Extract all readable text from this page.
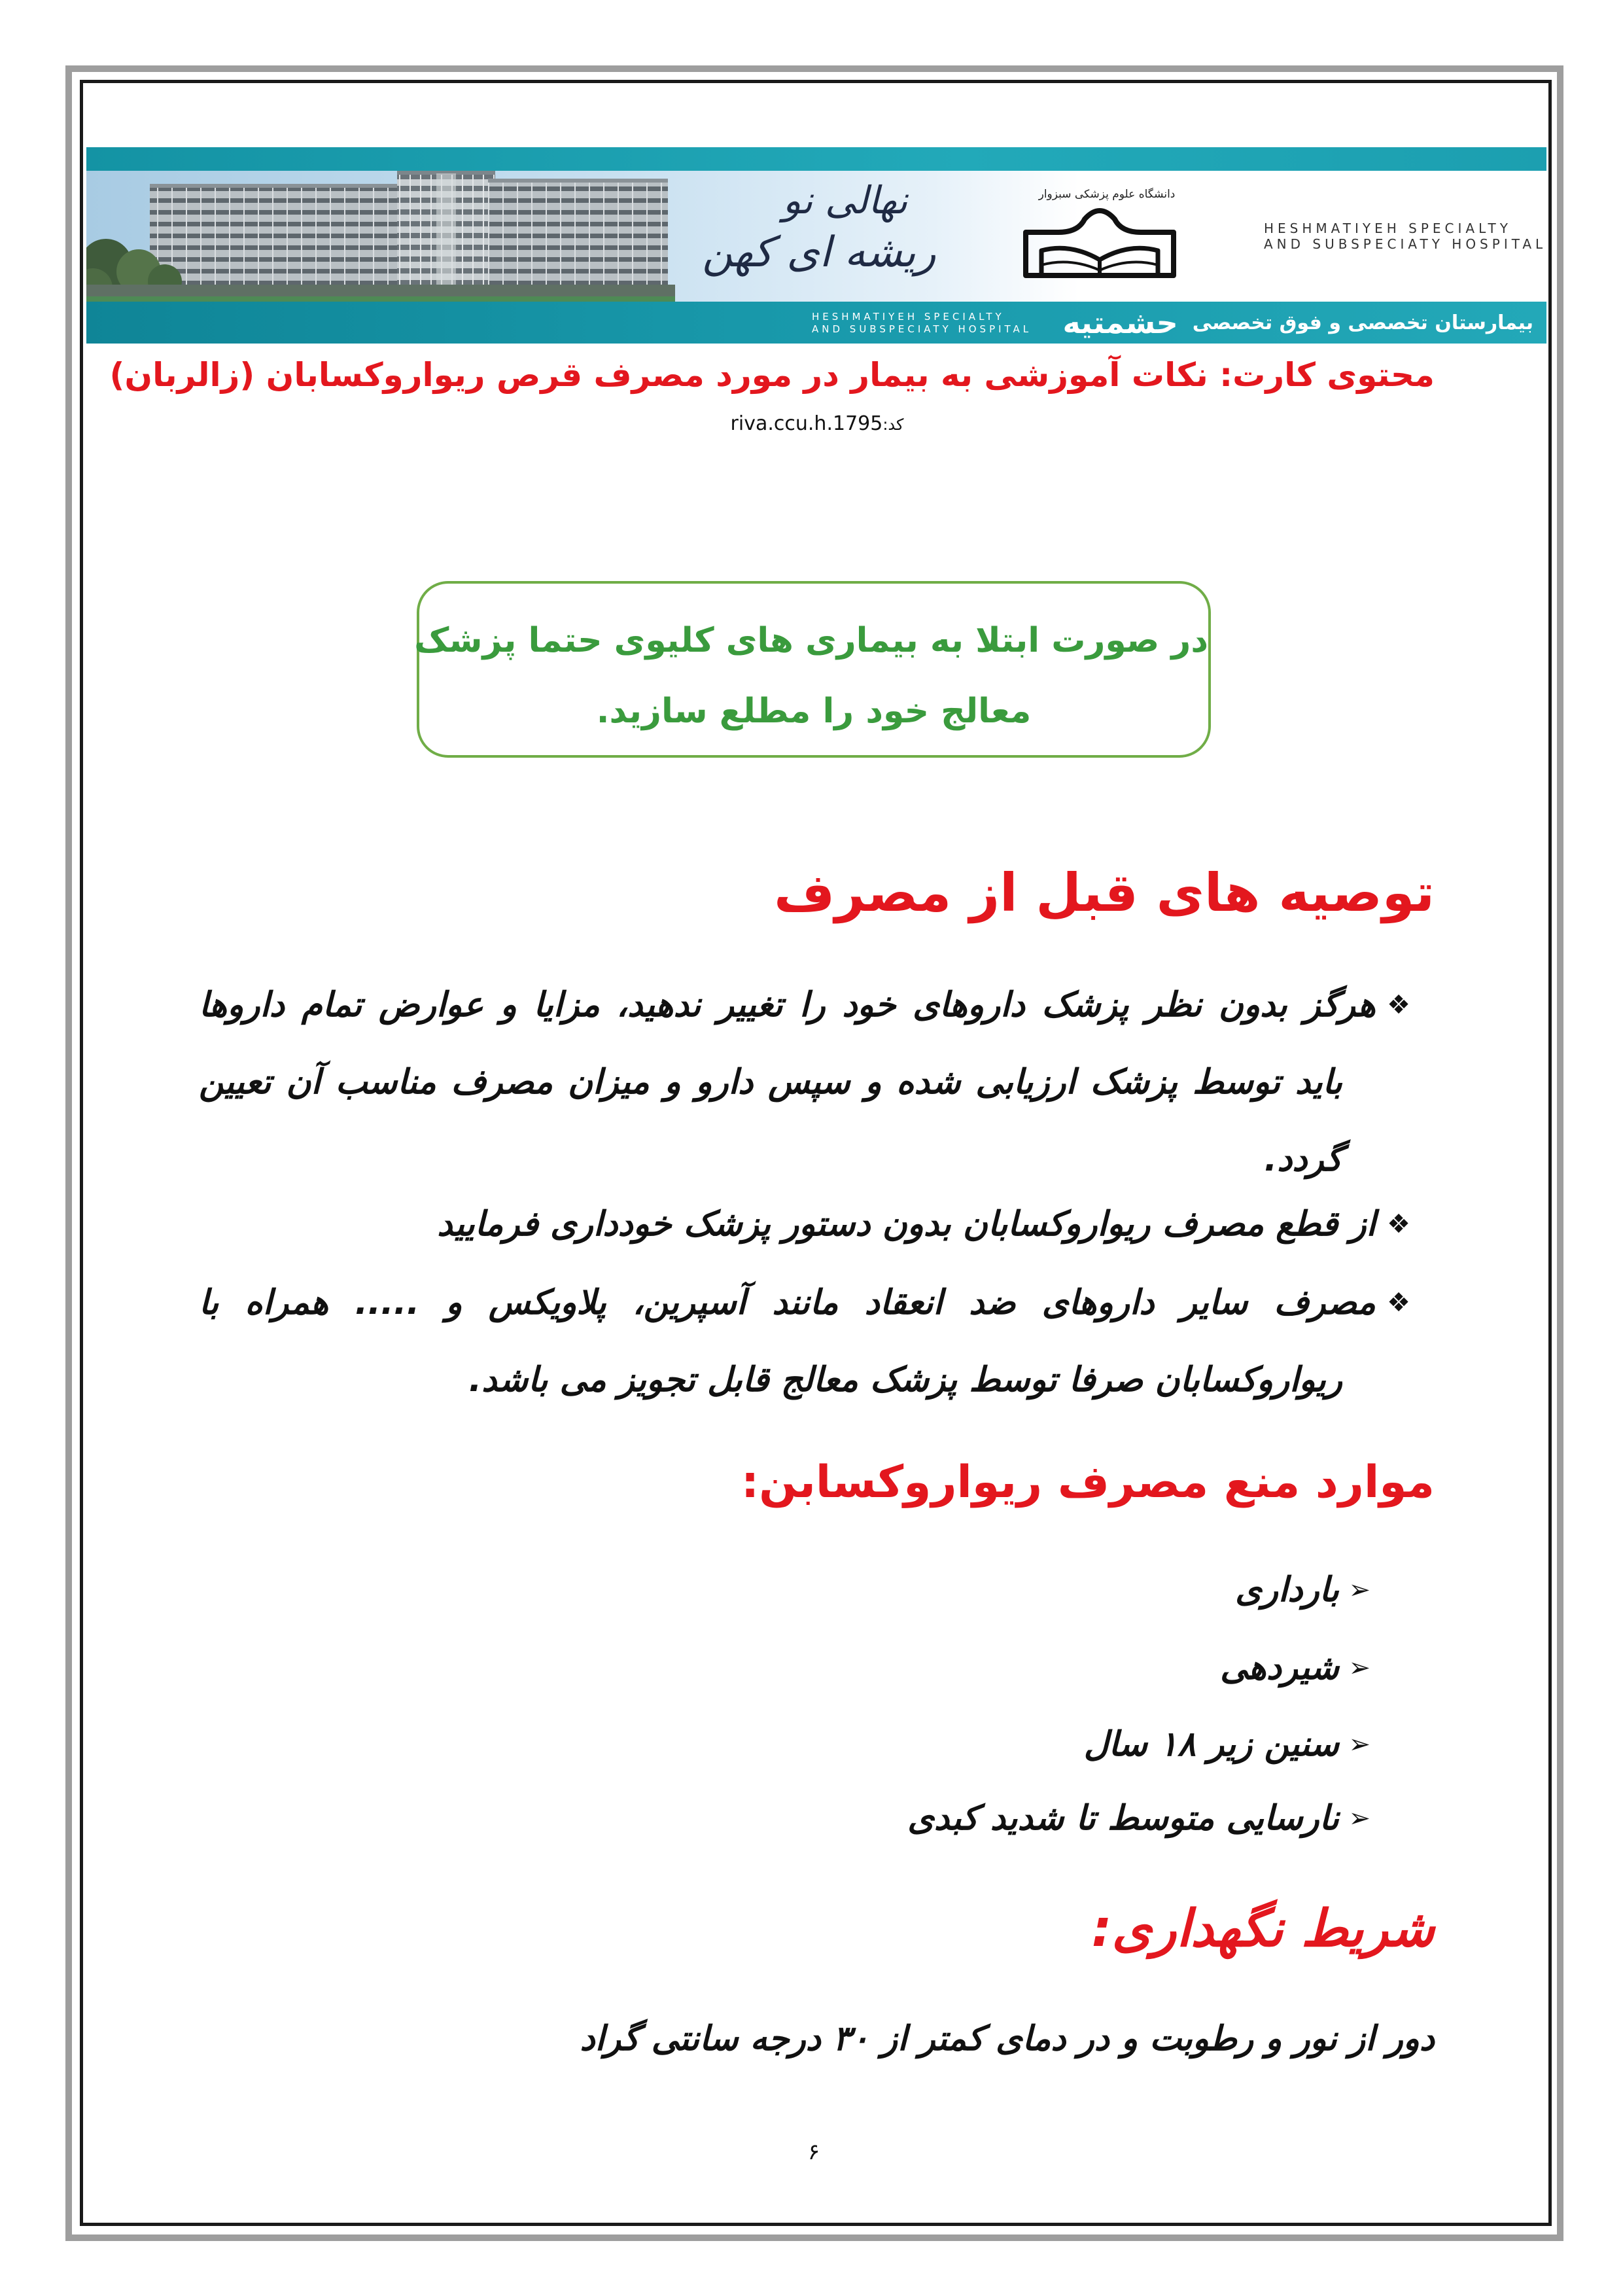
نهالی نو
ریشه ای کهن
دانشگاه علوم پزشکی سبزوار
HESHMATIYEH SPECIALTY
AND SUBSPECIATY HOSPITAL
HESHMATIYEH SPECIALTY
AND SUBSPECIATY HOSPITAL	بیمارستان تخصصی و فوق تخصصی
حشمتیه
محتوی کارت: نکات آموزشی به بیمار در مورد مصرف قرص ریواروکسابان (زالربان)
کد:riva.ccu.h.1795
در صورت ابتلا به بیماری های کلیوی حتما پزشک
معالج خود را مطلع سازید.
توصیه های قبل از مصرف
❖
هرگز بدون نظر پزشک داروهای خود را تغییر ندهید، مزایا و عوارض تمام داروها
باید توسط پزشک ارزیابی شده و سپس دارو و میزان مصرف مناسب آن تعیین
گردد.
❖
از قطع مصرف ریواروکسابان بدون دستور پزشک خودداری فرمایید
❖
مصرف سایر داروهای ضد انعقاد مانند آسپرین، پلاویکس و ..... همراه با
ریواروکسابان صرفا توسط پزشک معالج قابل تجویز می باشد.
موارد منع مصرف ریواروکسابن:
➢
بارداری
➢
شیردهی
➢
سنین زیر ۱۸ سال
➢
نارسایی متوسط تا شدید کبدی
شریط نگهداری:
دور از نور و رطوبت و در دمای کمتر از ۳۰ درجه سانتی گراد
۶
